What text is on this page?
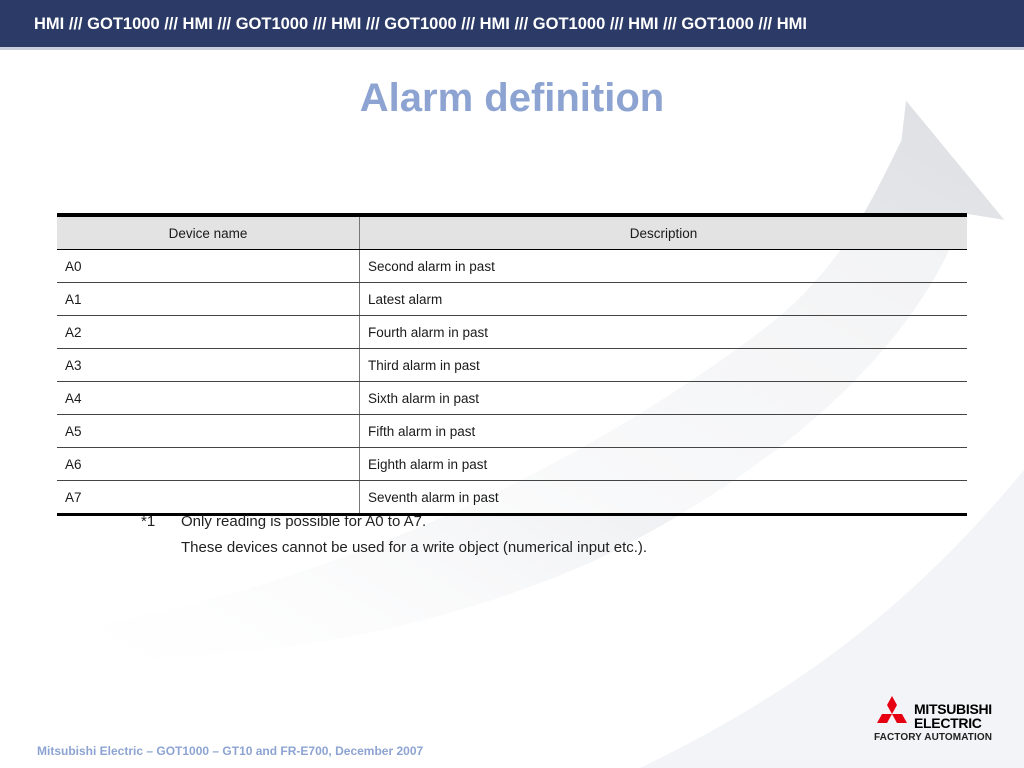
HMI /// GOT1000 /// HMI /// GOT1000 /// HMI /// GOT1000 /// HMI /// GOT1000 /// HMI /// GOT1000 /// HMI
Alarm definition
Device name	Description
A0	Second alarm in past
A1	Latest alarm
A2	Fourth alarm in past
A3	Third alarm in past
A4	Sixth alarm in past
A5	Fifth alarm in past
A6	Eighth alarm in past
A7	Seventh alarm in past
*1 Only reading is possible for A0 to A7.
These devices cannot be used for a write object (numerical input etc.).
Mitsubishi Electric – GOT1000 – GT10 and FR-E700, December 2007
MITSUBISHI
ELECTRIC
FACTORY AUTOMATION
